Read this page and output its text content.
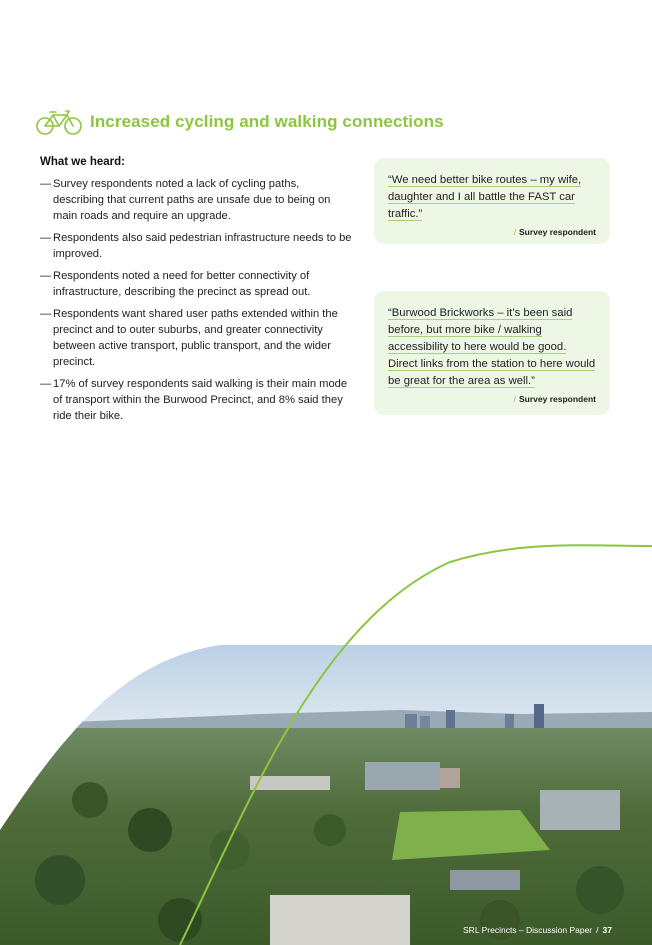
Increased cycling and walking connections
What we heard:
— Survey respondents noted a lack of cycling paths, describing that current paths are unsafe due to being on main roads and require an upgrade.
— Respondents also said pedestrian infrastructure needs to be improved.
— Respondents noted a need for better connectivity of infrastructure, describing the precinct as spread out.
— Respondents want shared user paths extended within the precinct and to outer suburbs, and greater connectivity between active transport, public transport, and the wider precinct.
— 17% of survey respondents said walking is their main mode of transport within the Burwood Precinct, and 8% said they ride their bike.

“We need better bike routes – my wife, daughter and I all battle the FAST car traffic.”

/ Survey respondent

“Burwood Brickworks – it’s been said before, but more bike / walking accessibility to here would be good. Direct links from the station to here would be great for the area as well.”

/ Survey respondent
SRL Precincts – Discussion Paper / 37
